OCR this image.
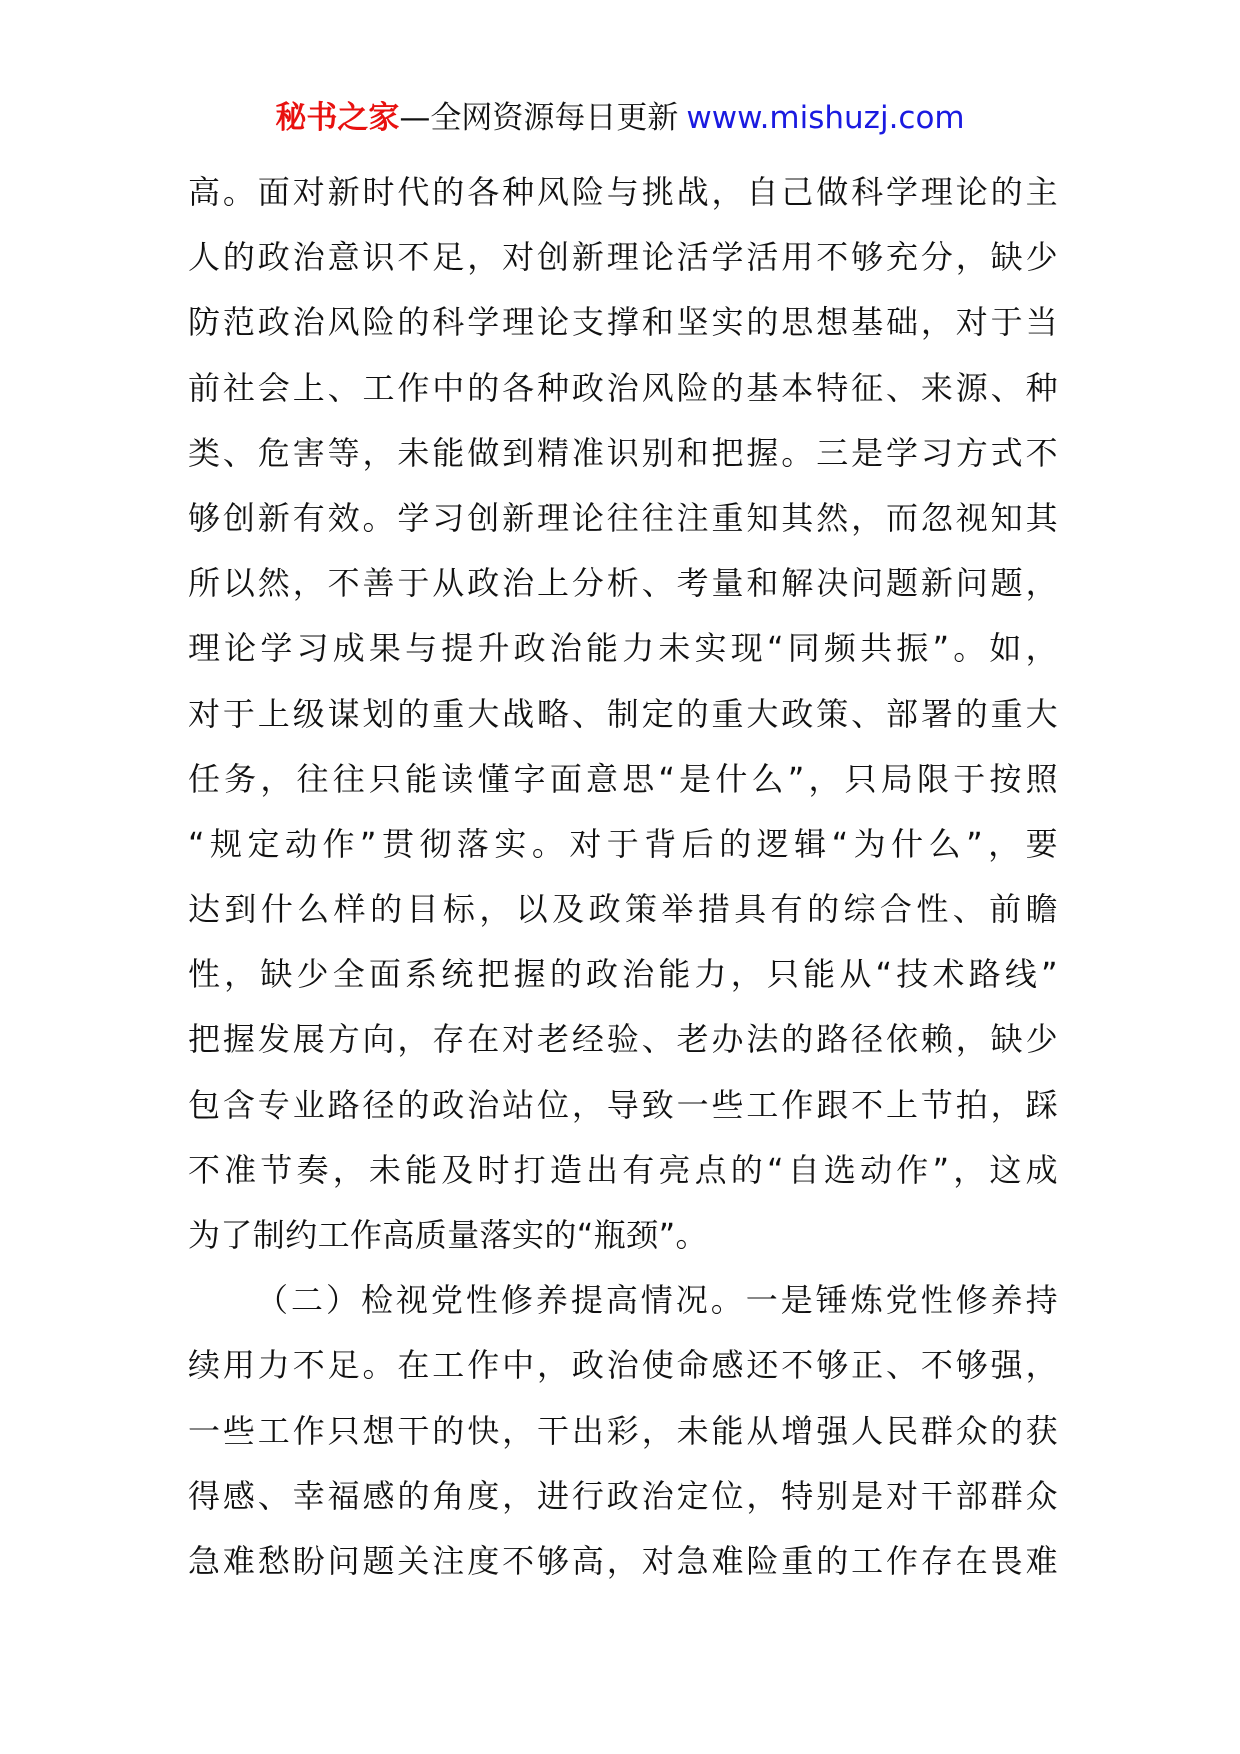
秘书之家—全网资源每日更新 www.mishuzj.com
高。面对新时代的各种风险与挑战，自己做科学理论的主
人的政治意识不足，对创新理论活学活用不够充分，缺少
防范政治风险的科学理论支撑和坚实的思想基础，对于当
前社会上、工作中的各种政治风险的基本特征、来源、种
类、危害等，未能做到精准识别和把握。三是学习方式不
够创新有效。学习创新理论往往注重知其然，而忽视知其
所以然，不善于从政治上分析、考量和解决问题新问题，
理论学习成果与提升政治能力未实现“同频共振”。如，
对于上级谋划的重大战略、制定的重大政策、部署的重大
任务，往往只能读懂字面意思“是什么”，只局限于按照
“规定动作”贯彻落实。对于背后的逻辑“为什么”，要
达到什么样的目标，以及政策举措具有的综合性、前瞻
性，缺少全面系统把握的政治能力，只能从“技术路线”
把握发展方向，存在对老经验、老办法的路径依赖，缺少
包含专业路径的政治站位，导致一些工作跟不上节拍，踩
不准节奏，未能及时打造出有亮点的“自选动作”，这成
为了制约工作高质量落实的“瓶颈”。
（二）检视党性修养提高情况。一是锤炼党性修养持
续用力不足。在工作中，政治使命感还不够正、不够强，
一些工作只想干的快，干出彩，未能从增强人民群众的获
得感、幸福感的角度，进行政治定位，特别是对干部群众
急难愁盼问题关注度不够高，对急难险重的工作存在畏难
